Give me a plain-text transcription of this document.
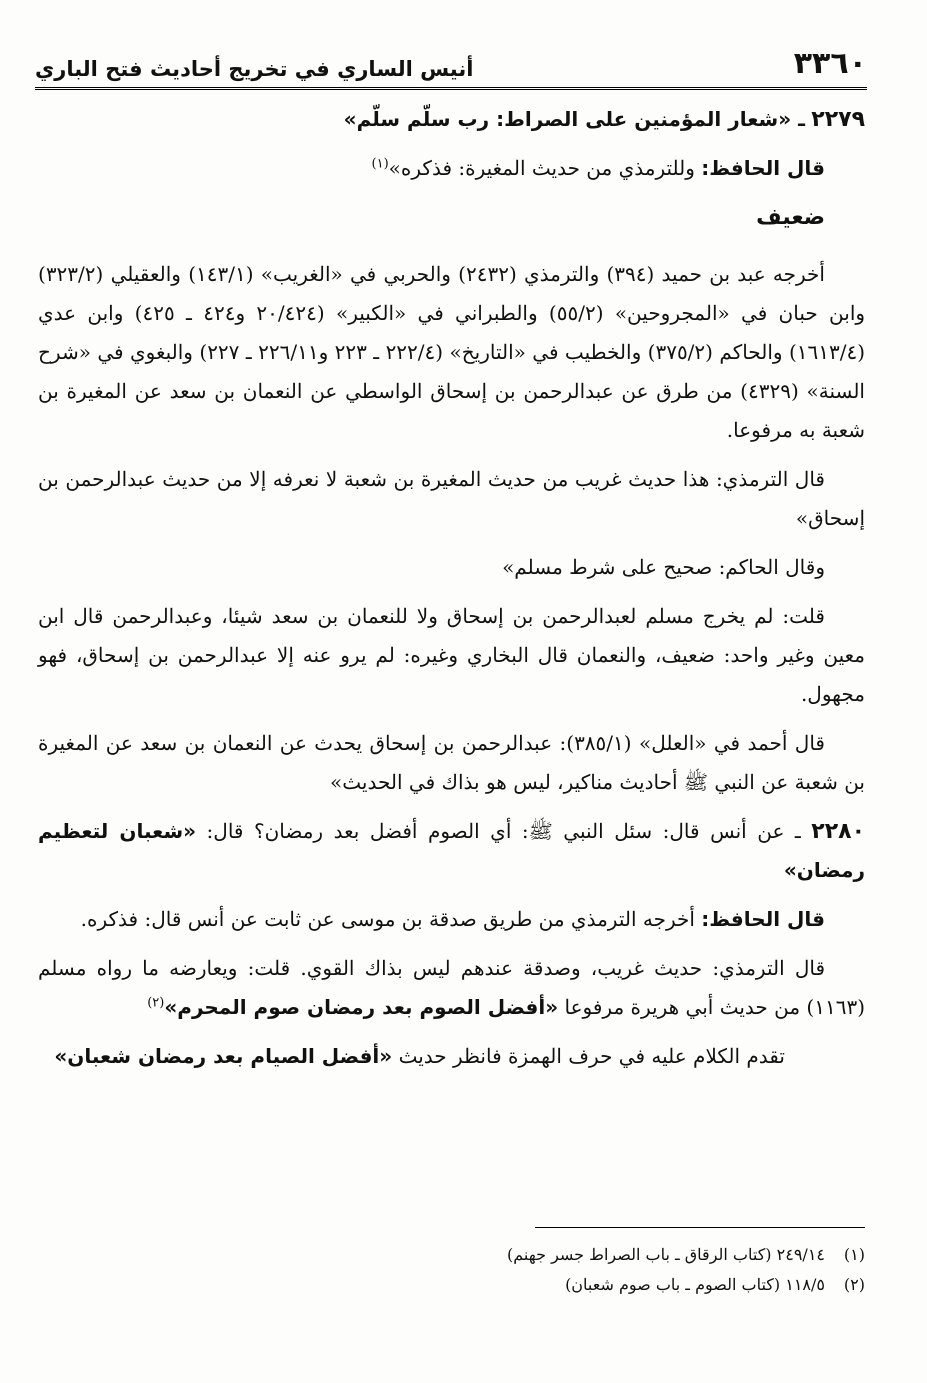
٣٣٦٠
أنيس الساري في تخريج أحاديث فتح الباري

٢٢٧٩ ـ «شعار المؤمنين على الصراط: رب سلّم سلّم»

قال الحافظ: وللترمذي من حديث المغيرة: فذكره»$^{(١)}$

ضعيف

أخرجه عبد بن حميد (٣٩٤) والترمذي (٢٤٣٢) والحربي في «الغريب» (١٤٣/١) والعقيلي (٣٢٣/٢) وابن حبان في «المجروحين» (٥٥/٢) والطبراني في «الكبير» (٢٠/٤٢٤ و٤٢٤ ـ ٤٢٥) وابن عدي (١٦١٣/٤) والحاكم (٣٧٥/٢) والخطيب في «التاريخ» (٢٢٢/٤ ـ ٢٢٣ و٢٢٦/١١ ـ ٢٢٧) والبغوي في «شرح السنة» (٤٣٢٩) من طرق عن عبدالرحمن بن إسحاق الواسطي عن النعمان بن سعد عن المغيرة بن شعبة به مرفوعا.

قال الترمذي: هذا حديث غريب من حديث المغيرة بن شعبة لا نعرفه إلا من حديث عبدالرحمن بن إسحاق»

وقال الحاكم: صحيح على شرط مسلم»

قلت: لم يخرج مسلم لعبدالرحمن بن إسحاق ولا للنعمان بن سعد شيئا، وعبدالرحمن قال ابن معين وغير واحد: ضعيف، والنعمان قال البخاري وغيره: لم يرو عنه إلا عبدالرحمن بن إسحاق، فهو مجهول.

قال أحمد في «العلل» (٣٨٥/١): عبدالرحمن بن إسحاق يحدث عن النعمان بن سعد عن المغيرة بن شعبة عن النبي ﷺ أحاديث مناكير، ليس هو بذاك في الحديث»

٢٢٨٠ ـ عن أنس قال: سئل النبي ﷺ: أي الصوم أفضل بعد رمضان؟ قال: «شعبان لتعظيم رمضان»

قال الحافظ: أخرجه الترمذي من طريق صدقة بن موسى عن ثابت عن أنس قال: فذكره.

قال الترمذي: حديث غريب، وصدقة عندهم ليس بذاك القوي. قلت: ويعارضه ما رواه مسلم (١١٦٣) من حديث أبي هريرة مرفوعا «أفضل الصوم بعد رمضان صوم المحرم»$^{(٢)}$

تقدم الكلام عليه في حرف الهمزة فانظر حديث «أفضل الصيام بعد رمضان شعبان»

(١)
٢٤٩/١٤ (كتاب الرقاق ـ باب الصراط جسر جهنم)
(٢)
١١٨/٥ (كتاب الصوم ـ باب صوم شعبان)
